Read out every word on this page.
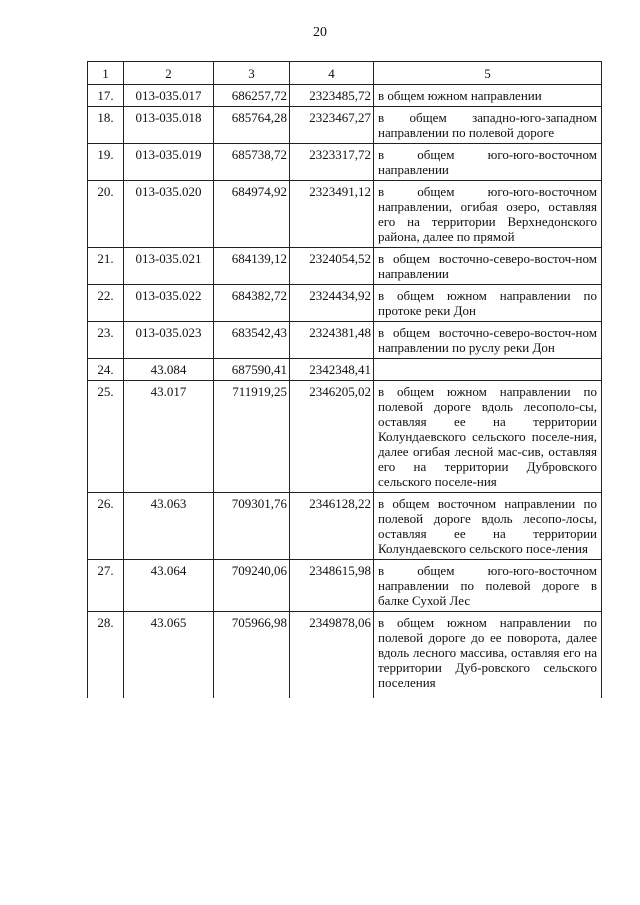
20
1	2	3	4	5
17.	013-035.017	686257,72	2323485,72	в общем южном направлении
18.	013-035.018	685764,28	2323467,27	в общем западно-юго-западном направлении по полевой дороге
19.	013-035.019	685738,72	2323317,72	в общем юго-юго-восточном направлении
20.	013-035.020	684974,92	2323491,12	в общем юго-юго-восточном направлении, огибая озеро, оставляя его на территории Верхнедонского района, далее по прямой
21.	013-035.021	684139,12	2324054,52	в общем восточно-северо-восточ-ном направлении
22.	013-035.022	684382,72	2324434,92	в общем южном направлении по протоке реки Дон
23.	013-035.023	683542,43	2324381,48	в общем восточно-северо-восточ-ном направлении по руслу реки Дон
24.	43.084	687590,41	2342348,41	
25.	43.017	711919,25	2346205,02	в общем южном направлении по полевой дороге вдоль лесополо-сы, оставляя ее на территории Колундаевского сельского поселе-ния, далее огибая лесной мас-сив, оставляя его на территории Дубровского сельского поселе-ния
26.	43.063	709301,76	2346128,22	в общем восточном направлении по полевой дороге вдоль лесопо-лосы, оставляя ее на территории Колундаевского сельского посе-ления
27.	43.064	709240,06	2348615,98	в общем юго-юго-восточном направлении по полевой дороге в балке Сухой Лес
28.	43.065	705966,98	2349878,06	в общем южном направлении по полевой дороге до ее поворота, далее вдоль лесного массива, оставляя его на территории Дуб-ровского сельского поселения
